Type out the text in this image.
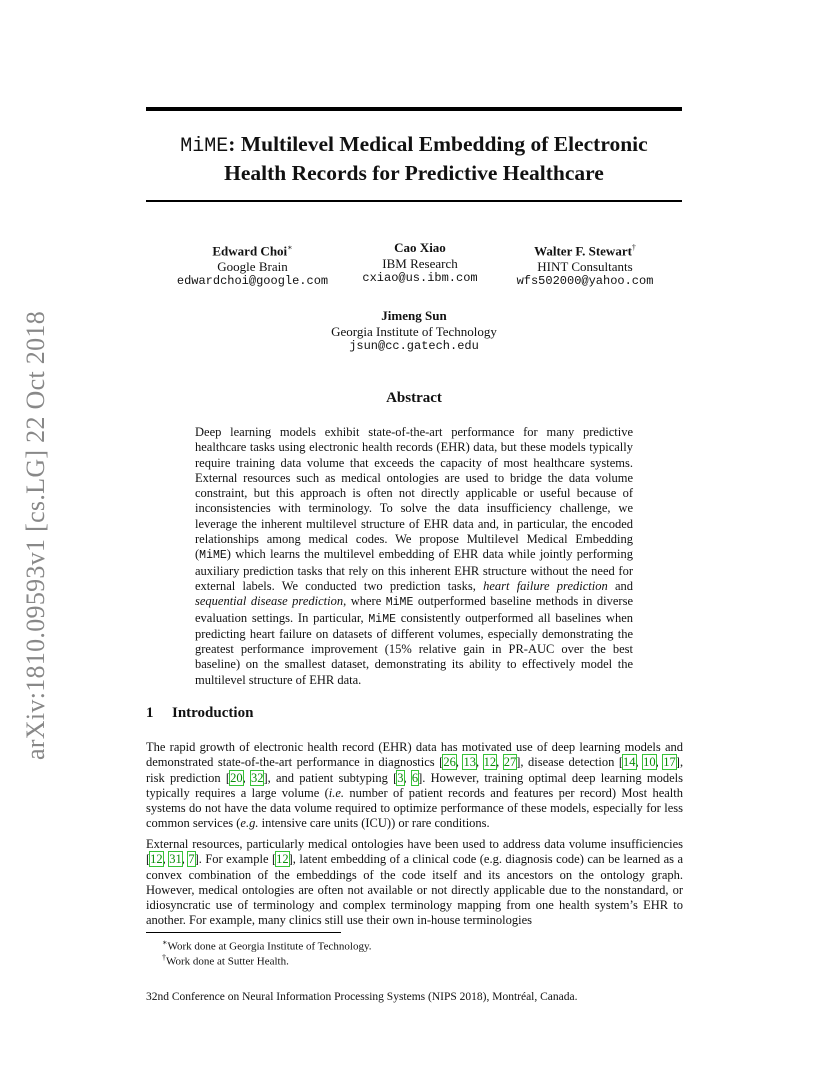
arXiv:1810.09593v1 [cs.LG] 22 Oct 2018
MiME: Multilevel Medical Embedding of Electronic
Health Records for Predictive Healthcare
Edward Choi∗
Google Brain
edwardchoi@google.com
Cao Xiao
IBM Research
cxiao@us.ibm.com
Walter F. Stewart†
HINT Consultants
wfs502000@yahoo.com
Jimeng Sun
Georgia Institute of Technology
jsun@cc.gatech.edu
Abstract
Deep learning models exhibit state-of-the-art performance for many predictive healthcare tasks using electronic health records (EHR) data, but these models typically require training data volume that exceeds the capacity of most healthcare systems. External resources such as medical ontologies are used to bridge the data volume constraint, but this approach is often not directly applicable or useful because of inconsistencies with terminology. To solve the data insufficiency challenge, we leverage the inherent multilevel structure of EHR data and, in particular, the encoded relationships among medical codes. We propose Multilevel Medical Embedding (MiME) which learns the multilevel embedding of EHR data while jointly performing auxiliary prediction tasks that rely on this inherent EHR structure without the need for external labels. We conducted two prediction tasks, heart failure prediction and sequential disease prediction, where MiME outperformed baseline methods in diverse evaluation settings. In particular, MiME consistently outperformed all baselines when predicting heart failure on datasets of different volumes, especially demonstrating the greatest performance improvement (15% relative gain in PR-AUC over the best baseline) on the smallest dataset, demonstrating its ability to effectively model the multilevel structure of EHR data.
1 Introduction
The rapid growth of electronic health record (EHR) data has motivated use of deep learning models and demonstrated state-of-the-art performance in diagnostics [26, 13, 12, 27], disease detection [14, 10, 17], risk prediction [20, 32], and patient subtyping [3, 6]. However, training optimal deep learning models typically requires a large volume (i.e. number of patient records and features per record) Most health systems do not have the data volume required to optimize performance of these models, especially for less common services (e.g. intensive care units (ICU)) or rare conditions.
External resources, particularly medical ontologies have been used to address data volume insufficiencies [12, 31, 7]. For example [12], latent embedding of a clinical code (e.g. diagnosis code) can be learned as a convex combination of the embeddings of the code itself and its ancestors on the ontology graph. However, medical ontologies are often not available or not directly applicable due to the nonstandard, or idiosyncratic use of terminology and complex terminology mapping from one health system’s EHR to another. For example, many clinics still use their own in-house terminologies
∗Work done at Georgia Institute of Technology.
†Work done at Sutter Health.
32nd Conference on Neural Information Processing Systems (NIPS 2018), Montréal, Canada.
